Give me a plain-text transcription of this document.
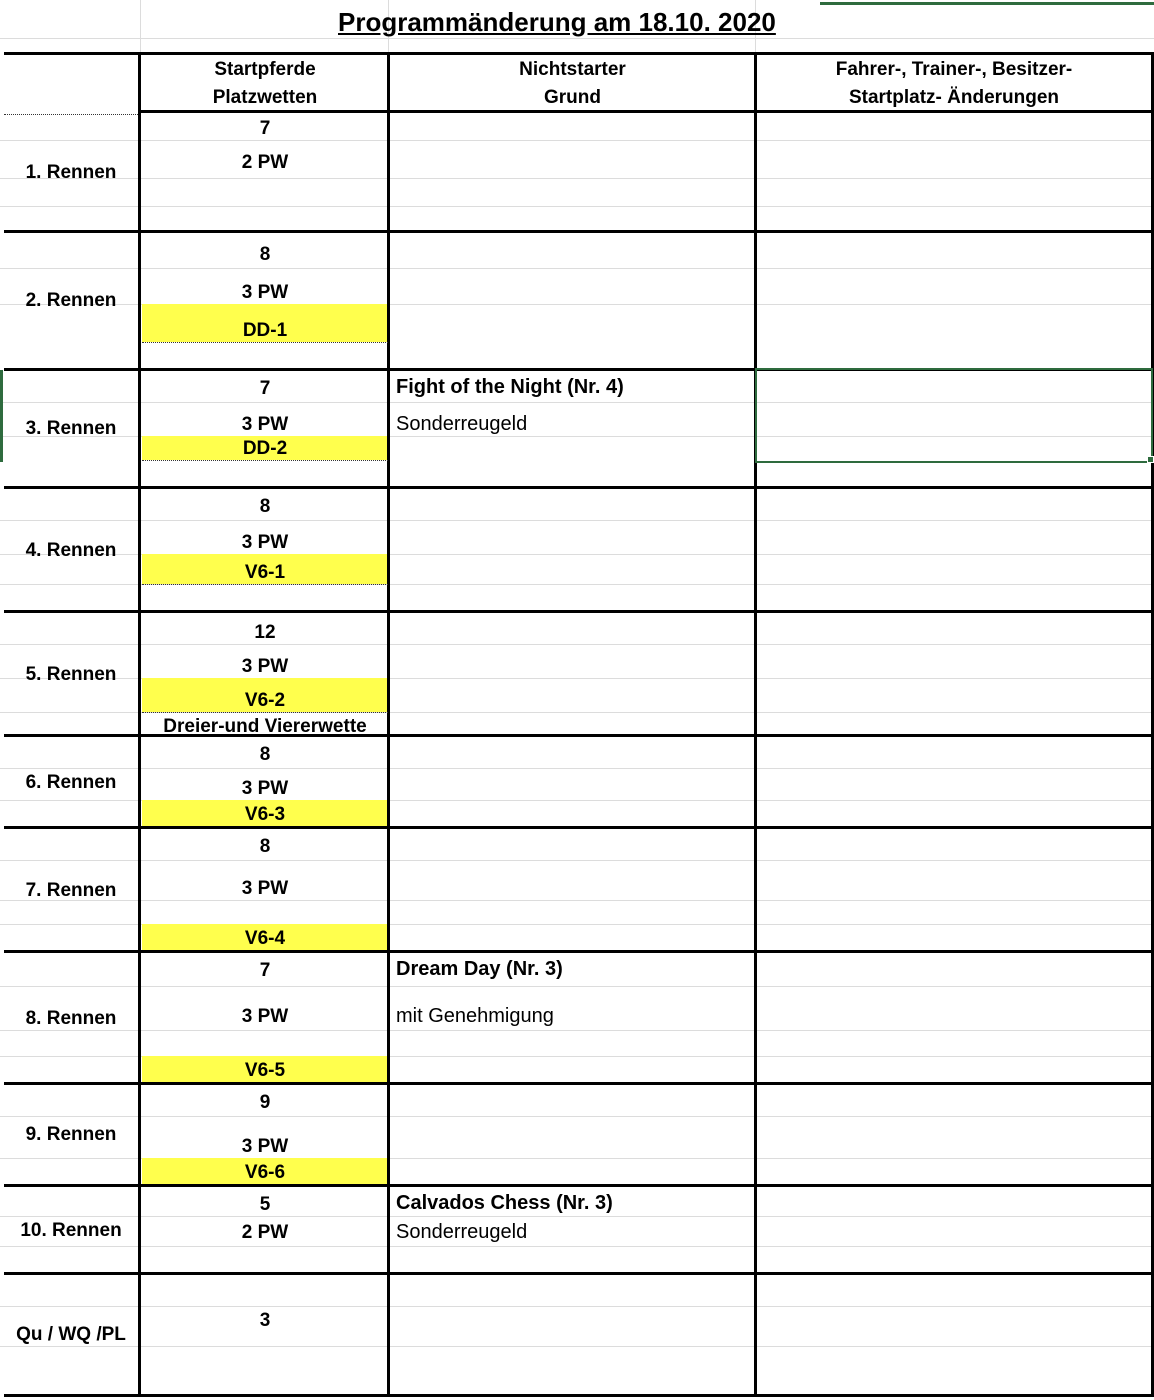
Programmänderung am 18.10. 2020
Startpferde
Platzwetten
Nichtstarter
Grund
Fahrer-, Trainer-, Besitzer-
Startplatz- Änderungen
1. Rennen
2. Rennen
3. Rennen
4. Rennen
5. Rennen
6. Rennen
7. Rennen
8. Rennen
9. Rennen
10. Rennen
Qu / WQ /PL
7
2 PW
8
3 PW
DD-1
7
3 PW
DD-2
8
3 PW
V6-1
12
3 PW
V6-2
Dreier-und Viererwette
8
3 PW
V6-3
8
3 PW
V6-4
7
3 PW
V6-5
9
3 PW
V6-6
5
2 PW
3
Fight of the Night (Nr. 4)
Sonderreugeld
Dream Day (Nr. 3)
mit Genehmigung
Calvados Chess (Nr. 3)
Sonderreugeld
